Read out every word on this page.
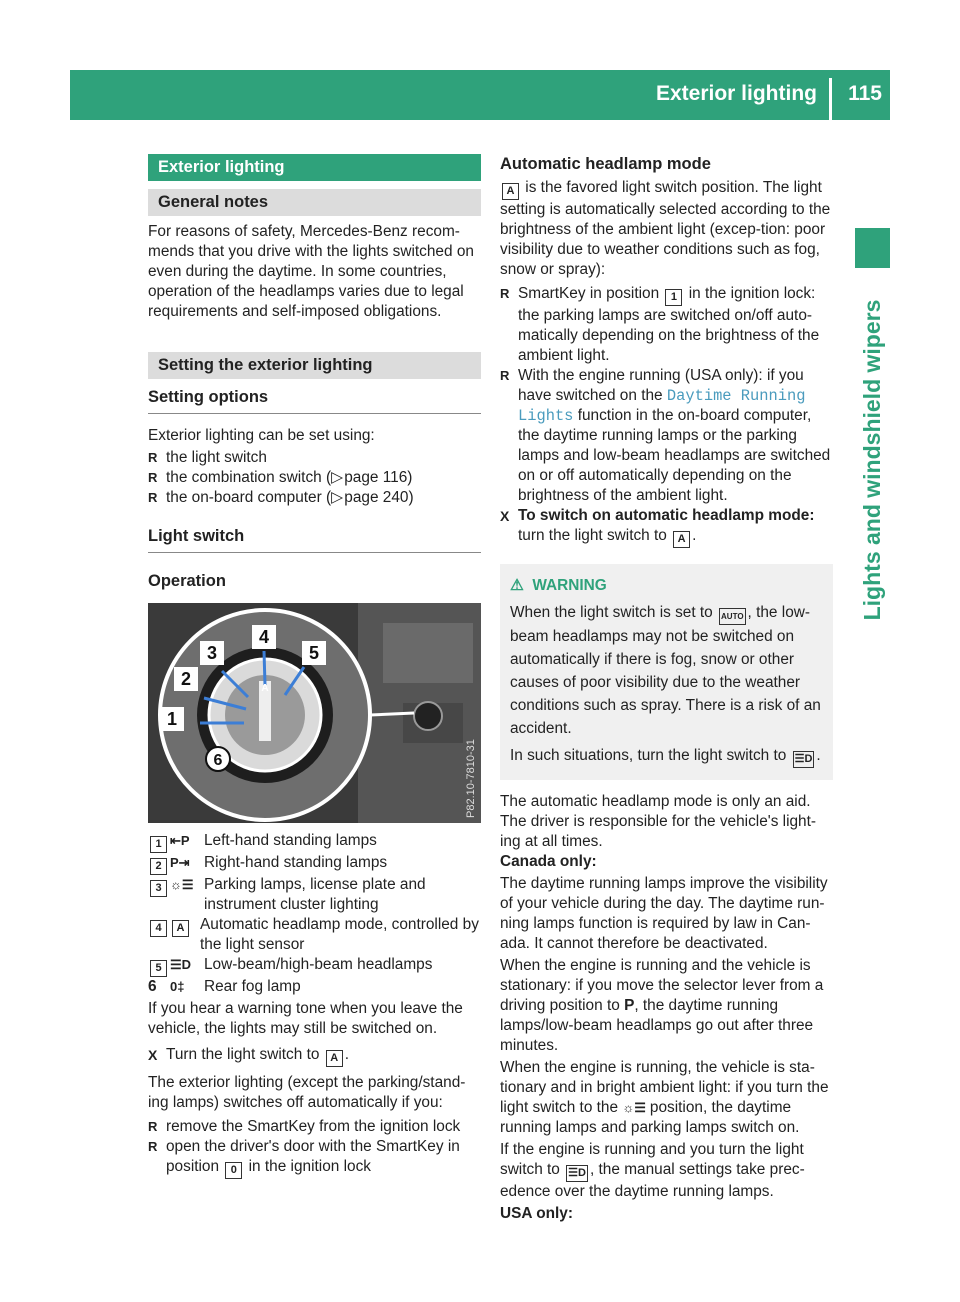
Exterior lighting 115
Lights and windshield wipers
Exterior lighting
General notes

For reasons of safety, Mercedes-Benz recom-mends that you drive with the lights switched on even during the daytime. In some countries, operation of the headlamps varies due to legal requirements and self-imposed obligations.

Setting the exterior lighting
Setting options

Exterior lighting can be set using:

R the light switch

R the combination switch (▷ page 116)

R the on-board computer (▷ page 240)

Light switch
Operation
1
2
3
4
5
6
A
P82.10-7810-31
1 ⇤P Left-hand standing lamps
2 P⇥ Right-hand standing lamps
3 ☼☰ Parking lamps, license plate and instrument cluster lighting
4	A	Automatic headlamp mode, controlled by the light sensor
5 ☰D Low-beam/high-beam headlamps
6	0‡	Rear fog lamp

If you hear a warning tone when you leave the vehicle, the lights may still be switched on.

X Turn the light switch to A .

The exterior lighting (except the parking/stand-ing lamps) switches off automatically if you:

R remove the SmartKey from the ignition lock

R open the driver's door with the SmartKey in position 0 in the ignition lock

Automatic headlamp mode

A is the favored light switch position. The light setting is automatically selected according to the brightness of the ambient light (excep-tion: poor visibility due to weather conditions such as fog, snow or spray):

R SmartKey in position 1 in the ignition lock: the parking lamps are switched on/off auto-matically depending on the brightness of the ambient light.

R With the engine running (USA only): if you have switched on the Daytime Running Lights function in the on-board computer, the daytime running lamps or the parking lamps and low-beam headlamps are switched on or off automatically depending on the brightness of the ambient light.

X To switch on automatic headlamp mode: turn the light switch to A .

⚠ WARNING

When the light switch is set to AUTO , the low-beam headlamps may not be switched on automatically if there is fog, snow or other causes of poor visibility due to the weather conditions such as spray. There is a risk of an accident.

In such situations, turn the light switch to ☰D .

The automatic headlamp mode is only an aid. The driver is responsible for the vehicle's light-ing at all times.

Canada only:

The daytime running lamps improve the visibility of your vehicle during the day. The daytime run-ning lamps function is required by law in Can-ada. It cannot therefore be deactivated.

When the engine is running and the vehicle is stationary: if you move the selector lever from a driving position to P, the daytime running lamps/low-beam headlamps go out after three minutes.

When the engine is running, the vehicle is sta-tionary and in bright ambient light: if you turn the light switch to the ☼☰ position, the daytime running lamps and parking lamps switch on.

If the engine is running and you turn the light switch to ☰D , the manual settings take prec-edence over the daytime running lamps.

USA only:
